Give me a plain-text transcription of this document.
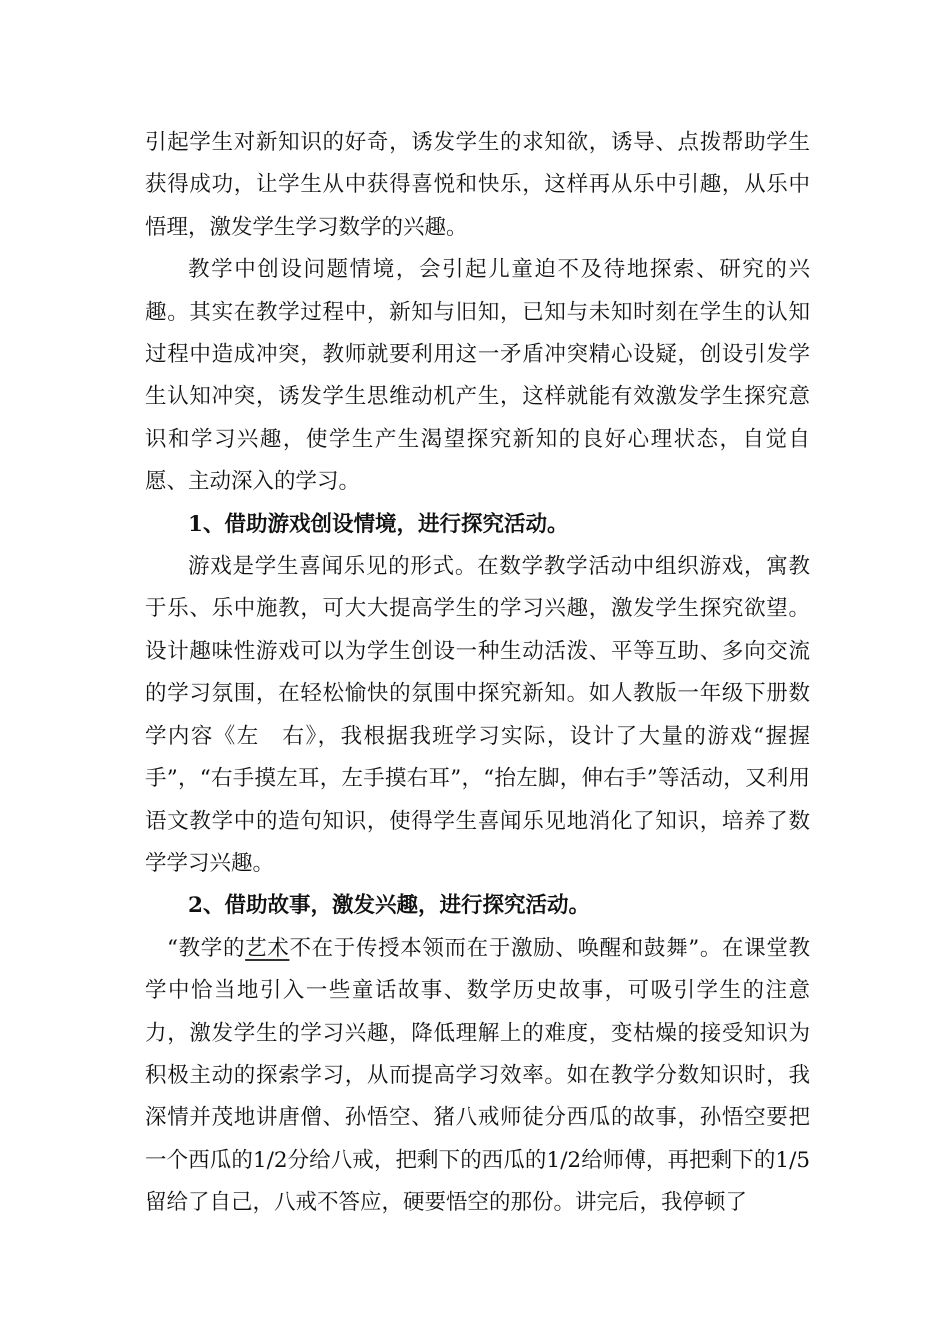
引起学生对新知识的好奇，诱发学生的求知欲，诱导、点拨帮助学生获得成功，让学生从中获得喜悦和快乐，这样再从乐中引趣，从乐中悟理，激发学生学习数学的兴趣。

教学中创设问题情境，会引起儿童迫不及待地探索、研究的兴趣。其实在教学过程中，新知与旧知，已知与未知时刻在学生的认知过程中造成冲突，教师就要利用这一矛盾冲突精心设疑，创设引发学生认知冲突，诱发学生思维动机产生，这样就能有效激发学生探究意识和学习兴趣，使学生产生渴望探究新知的良好心理状态，自觉自愿、主动深入的学习。

1、借助游戏创设情境，进行探究活动。

游戏是学生喜闻乐见的形式。在数学教学活动中组织游戏，寓教于乐、乐中施教，可大大提高学生的学习兴趣，激发学生探究欲望。设计趣味性游戏可以为学生创设一种生动活泼、平等互助、多向交流的学习氛围，在轻松愉快的氛围中探究新知。如人教版一年级下册数学内容《左　右》，我根据我班学习实际，设计了大量的游戏“握握手”，“右手摸左耳，左手摸右耳”，“抬左脚，伸右手”等活动，又利用语文教学中的造句知识，使得学生喜闻乐见地消化了知识，培养了数学学习兴趣。

2、借助故事，激发兴趣，进行探究活动。

“教学的艺术不在于传授本领而在于激励、唤醒和鼓舞”。在课堂教学中恰当地引入一些童话故事、数学历史故事，可吸引学生的注意力，激发学生的学习兴趣，降低理解上的难度，变枯燥的接受知识为积极主动的探索学习，从而提高学习效率。如在教学分数知识时，我深情并茂地讲唐僧、孙悟空、猪八戒师徒分西瓜的故事，孙悟空要把一个西瓜的1/2分给八戒，把剩下的西瓜的1/2给师傅，再把剩下的1/5留给了自己，八戒不答应，硬要悟空的那份。讲完后，我停顿了
